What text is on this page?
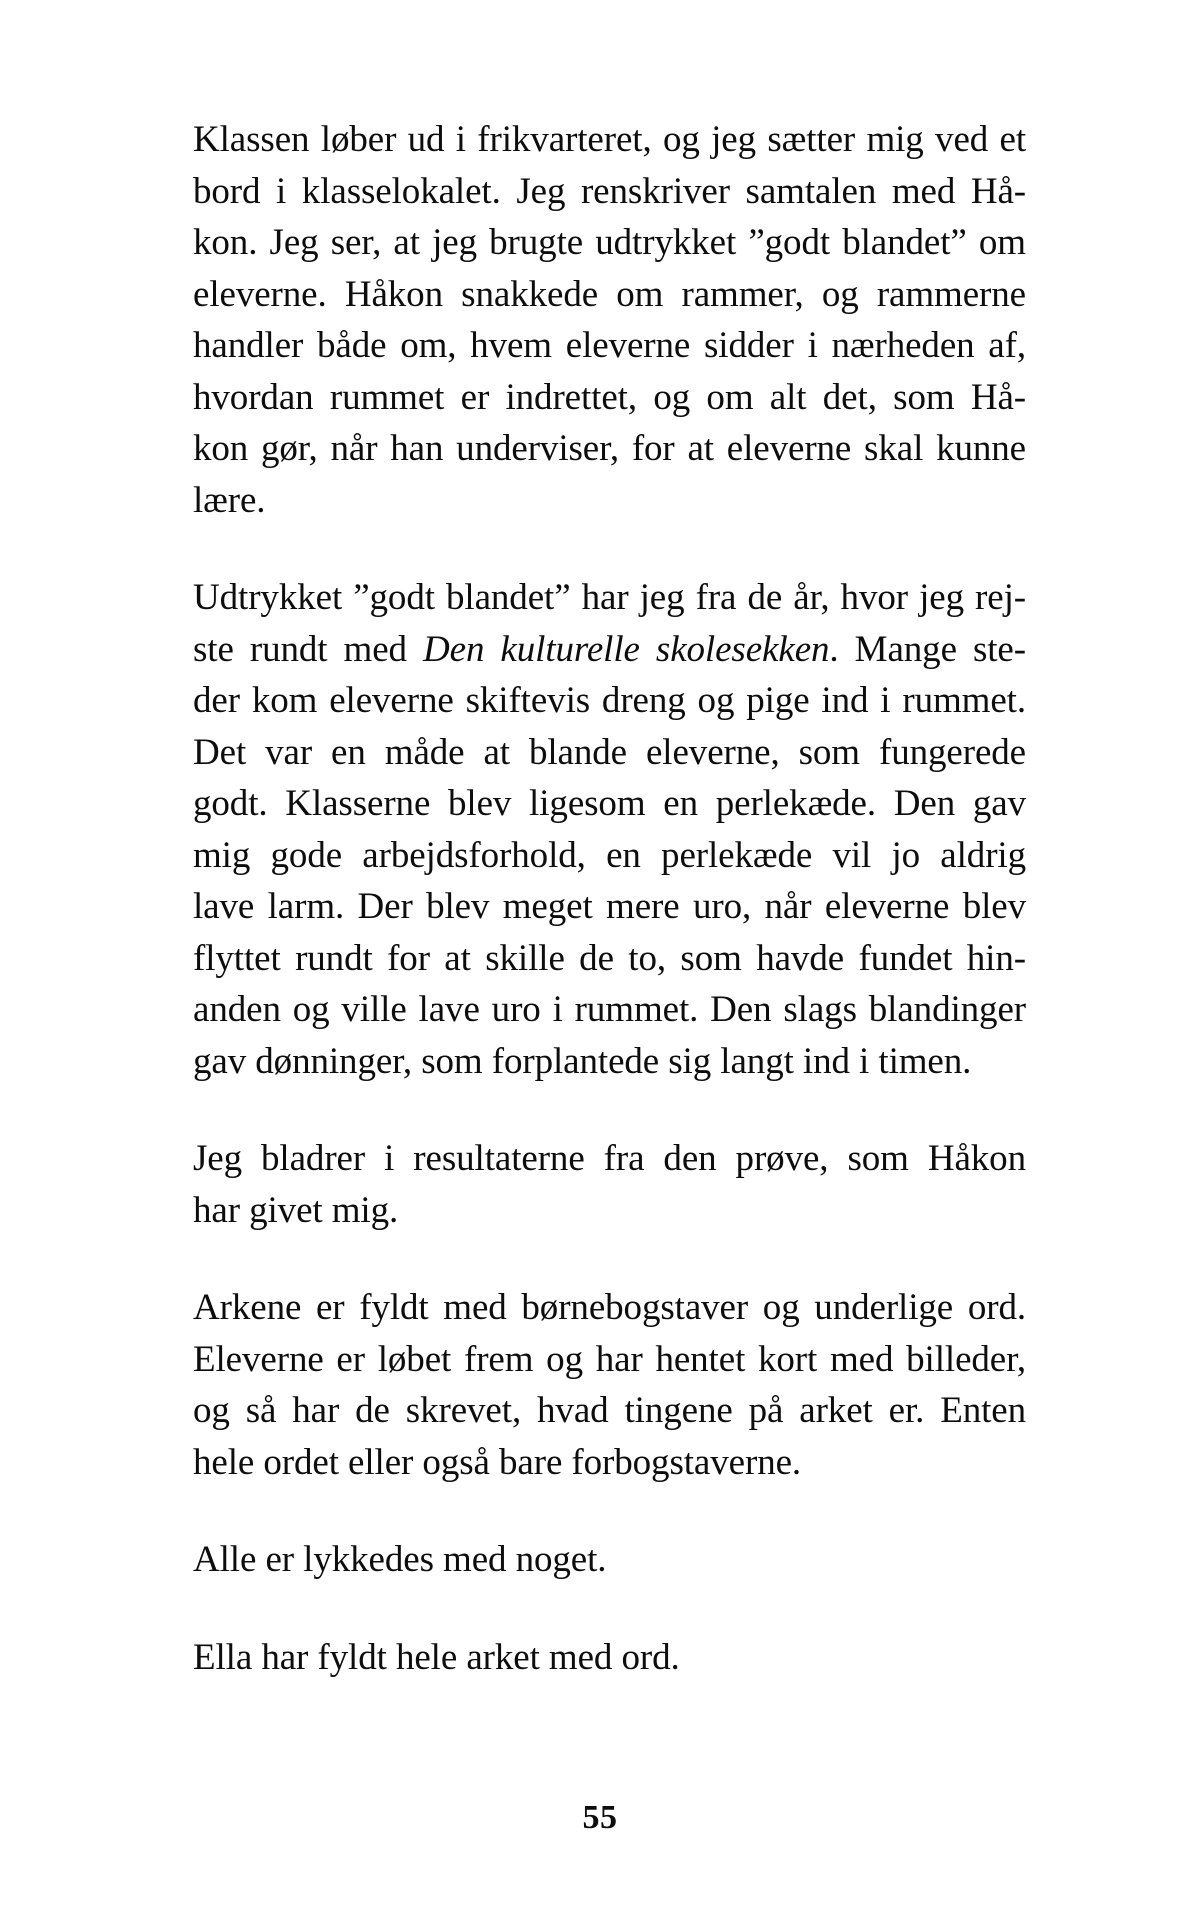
Klassen løber ud i frikvarteret, og jeg sætter mig ved et
bord i klasselokalet. Jeg renskriver samtalen med Hå-
kon. Jeg ser, at jeg brugte udtrykket ”godt blandet” om
eleverne. Håkon snakkede om rammer, og rammerne
handler både om, hvem eleverne sidder i nærheden af,
hvordan rummet er indrettet, og om alt det, som Hå-
kon gør, når han underviser, for at eleverne skal kunne
lære.
Udtrykket ”godt blandet” har jeg fra de år, hvor jeg rej-
ste rundt med Den kulturelle skolesekken. Mange ste-
der kom eleverne skiftevis dreng og pige ind i rummet.
Det var en måde at blande eleverne, som fungerede
godt. Klasserne blev ligesom en perlekæde. Den gav
mig gode arbejdsforhold, en perlekæde vil jo aldrig
lave larm. Der blev meget mere uro, når eleverne blev
flyttet rundt for at skille de to, som havde fundet hin-
anden og ville lave uro i rummet. Den slags blandinger
gav dønninger, som forplantede sig langt ind i timen.
Jeg bladrer i resultaterne fra den prøve, som Håkon
har givet mig.
Arkene er fyldt med børnebogstaver og underlige ord.
Eleverne er løbet frem og har hentet kort med billeder,
og så har de skrevet, hvad tingene på arket er. Enten
hele ordet eller også bare forbogstaverne.
Alle er lykkedes med noget.
Ella har fyldt hele arket med ord.
55
